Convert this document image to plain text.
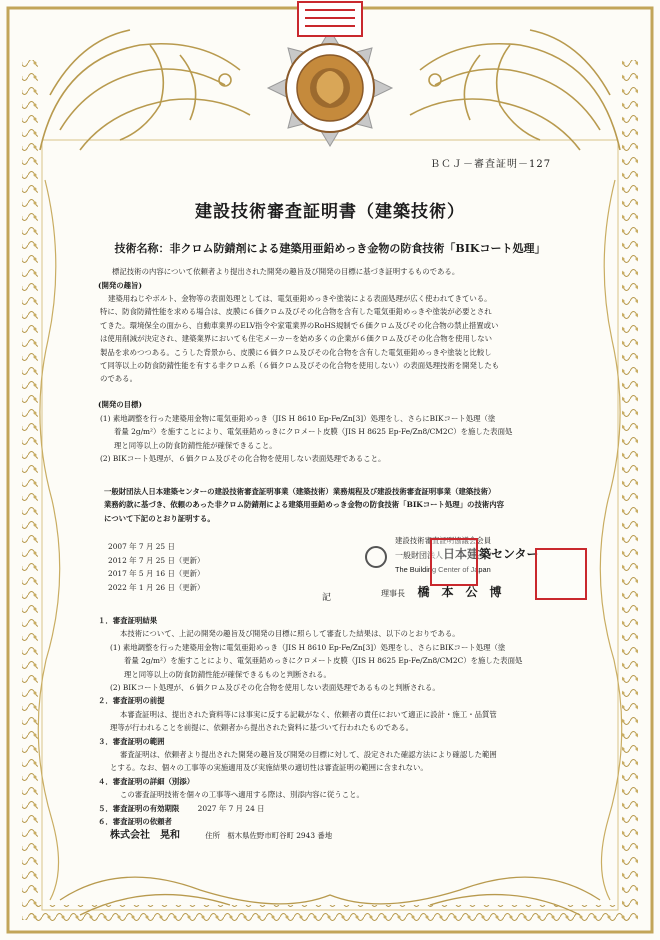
ＢＣＪ－審査証明－127
建設技術審査証明書（建築技術）
技術名称：非クロム防錆剤による建築用亜鉛めっき金物の防食技術「BIKコート処理」
標記技術の内容について依頼者より提出された開発の趣旨及び開発の目標に基づき証明するものである。
(開発の趣旨)
建築用ねじやボルト、金物等の表面処理としては、電気亜鉛めっきや塗装による表面処理が広く使われてきている。
特に、防食防錆性能を求める場合は、皮膜に６価クロム及びその化合物を含有した電気亜鉛めっきや塗装が必要とされ
てきた。環境保全の面から、自動車業界のELV指令や家電業界のRoHS規制で６価クロム及びその化合物の禁止措置或い
は使用削減が決定され、建築業界においても住宅メーカーを始め多くの企業が６価クロム及びその化合物を使用しない
製品を求めつつある。こうした背景から、皮膜に６価クロム及びその化合物を含有した電気亜鉛めっきや塗装と比較し
て同等以上の防食防錆性能を有する非クロム系（６価クロム及びその化合物を使用しない）の表面処理技術を開発したも
のである。
(開発の目標)
(1) 素地調整を行った建築用金物に電気亜鉛めっき（JIS H 8610 Ep-Fe/Zn[3]）処理をし、さらにBIKコート処理（塗
着量 2g/m²）を施すことにより、電気亜鉛めっきにクロメート皮膜（JIS H 8625 Ep-Fe/Zn8/CM2C）を施した表面処
理と同等以上の防食防錆性能が確保できること。
(2) BIKコート処理が、６価クロム及びその化合物を使用しない表面処理であること。
一般財団法人日本建築センターの建設技術審査証明事業（建築技術）業務規程及び建設技術審査証明事業（建築技術）
業務約款に基づき、依頼のあった非クロム防錆剤による建築用亜鉛めっき金物の防食技術「BIKコート処理」の技術内容
について下記のとおり証明する。
2007 年 7 月 25 日
2012 年 7 月 25 日（更新）
2017 年 5 月 16 日（更新）
2022 年 1 月 26 日（更新）
建設技術審査証明協議会会員
一般財団法人日本建築センター
The Building Center of Japan
理事長 橋　本　公　博
記
１．審査証明結果
本技術について、上記の開発の趣旨及び開発の目標に照らして審査した結果は、以下のとおりである。
(1) 素地調整を行った建築用金物に電気亜鉛めっき（JIS H 8610 Ep-Fe/Zn[3]）処理をし、さらにBIKコート処理（塗
着量 2g/m²）を施すことにより、電気亜鉛めっきにクロメート皮膜（JIS H 8625 Ep-Fe/Zn8/CM2C）を施した表面処
理と同等以上の防食防錆性能が確保できるものと判断される。
(2) BIKコート処理が、６価クロム及びその化合物を使用しない表面処理であるものと判断される。
２．審査証明の前提
本審査証明は、提出された資料等には事実に反する記載がなく、依頼者の責任において適正に設計・施工・品質管
理等が行われることを前提に、依頼者から提出された資料に基づいて行われたものである。
３．審査証明の範囲
審査証明は、依頼者より提出された開発の趣旨及び開発の目標に対して、設定された確認方法により確認した範囲
とする。なお、個々の工事等の実施適用及び実施結果の適切性は審査証明の範囲に含まれない。
４．審査証明の詳細（別添）
この審査証明技術を個々の工事等へ適用する際は、別添内容に従うこと。
５．審査証明の有効期限 2027 年 7 月 24 日
６．審査証明の依頼者
株式会社　晃和	住所　栃木県佐野市町谷町 2943 番地
